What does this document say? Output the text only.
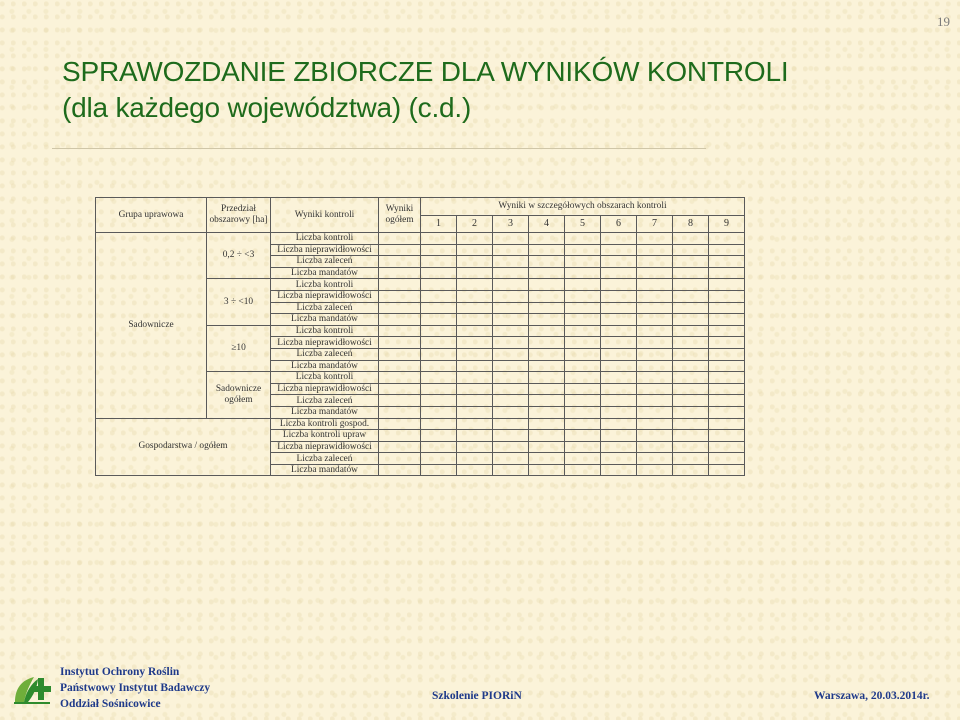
19
SPRAWOZDANIE ZBIORCZE DLA WYNIKÓW KONTROLI
(dla każdego województwa) (c.d.)
Grupa uprawowa	Przedział obszarowy [ha]	Wyniki kontroli	Wyniki ogółem	Wyniki w szczegółowych obszarach kontroli								
				1	2	3	4	5	6	7	8	9
Sadownicze	0,2 ÷ <3	Liczba kontroli										
		Liczba nieprawidłowości										
		Liczba zaleceń										
		Liczba mandatów										
	3 ÷ <10	Liczba kontroli										
		Liczba nieprawidłowości										
		Liczba zaleceń										
		Liczba mandatów										
	≥10	Liczba kontroli										
		Liczba nieprawidłowości										
		Liczba zaleceń										
		Liczba mandatów										
	Sadownicze ogółem	Liczba kontroli										
		Liczba nieprawidłowości										
		Liczba zaleceń										
		Liczba mandatów										
Gospodarstwa / ogółem		Liczba kontroli gospod.										
		Liczba kontroli upraw										
		Liczba nieprawidłowości										
		Liczba zaleceń										
		Liczba mandatów										
Instytut Ochrony Roślin
Państwowy Instytut Badawczy
Oddział Sośnicowice
Szkolenie PIORiN	Warszawa, 20.03.2014r.
